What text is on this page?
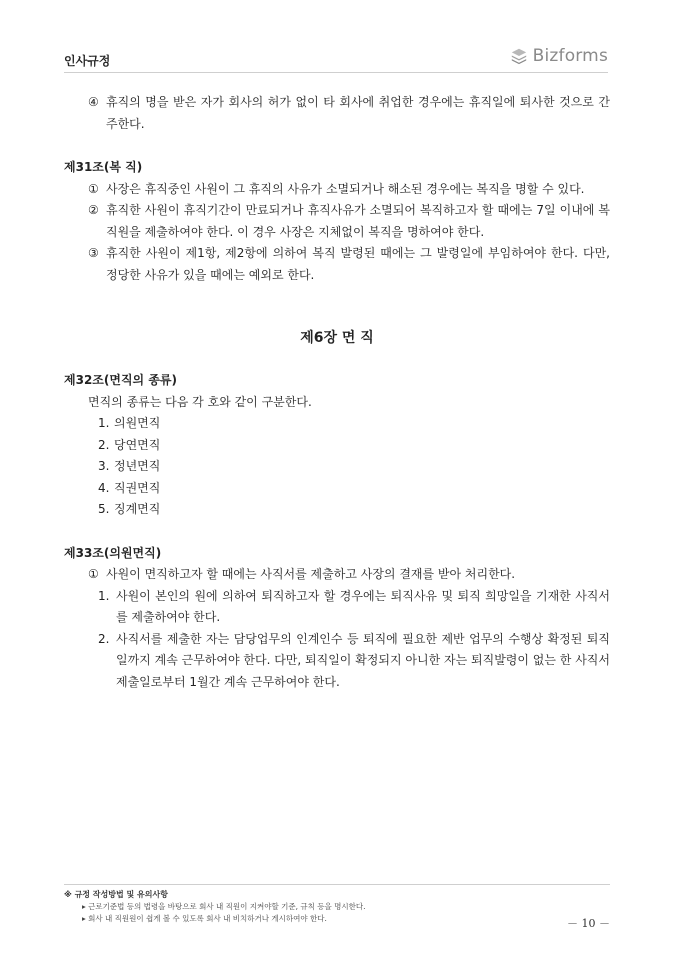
인사규정	Bizforms
④ 휴직의 명을 받은 자가 회사의 허가 없이 타 회사에 취업한 경우에는 휴직일에 퇴사한 것으로 간주한다.
제31조(복 직)
① 사장은 휴직중인 사원이 그 휴직의 사유가 소멸되거나 해소된 경우에는 복직을 명할 수 있다.
② 휴직한 사원이 휴직기간이 만료되거나 휴직사유가 소멸되어 복직하고자 할 때에는 7일 이내에 복직원을 제출하여야 한다. 이 경우 사장은 지체없이 복직을 명하여야 한다.
③ 휴직한 사원이 제1항, 제2항에 의하여 복직 발령된 때에는 그 발령일에 부임하여야 한다. 다만, 정당한 사유가 있을 때에는 예외로 한다.
제6장 면 직
제32조(면직의 종류)
면직의 종류는 다음 각 호와 같이 구분한다.
1. 의원면직
2. 당연면직
3. 정년면직
4. 직권면직
5. 징계면직
제33조(의원면직)
① 사원이 면직하고자 할 때에는 사직서를 제출하고 사장의 결재를 받아 처리한다.
1. 사원이 본인의 원에 의하여 퇴직하고자 할 경우에는 퇴직사유 및 퇴직 희망일을 기재한 사직서를 제출하여야 한다.
2. 사직서를 제출한 자는 담당업무의 인계인수 등 퇴직에 필요한 제반 업무의 수행상 확정된 퇴직일까지 계속 근무하여야 한다. 다만, 퇴직일이 확정되지 아니한 자는 퇴직발령이 없는 한 사직서 제출일로부터 1월간 계속 근무하여야 한다.
※ 규정 작성방법 및 유의사항
▸ 근로기준법 등의 법령을 바탕으로 회사 내 직원이 지켜야할 기준, 규칙 등을 명시한다.
▸ 회사 내 직원원이 쉽게 볼 수 있도록 회사 내 비치하거나 게시하여야 한다.	－ 10 －
